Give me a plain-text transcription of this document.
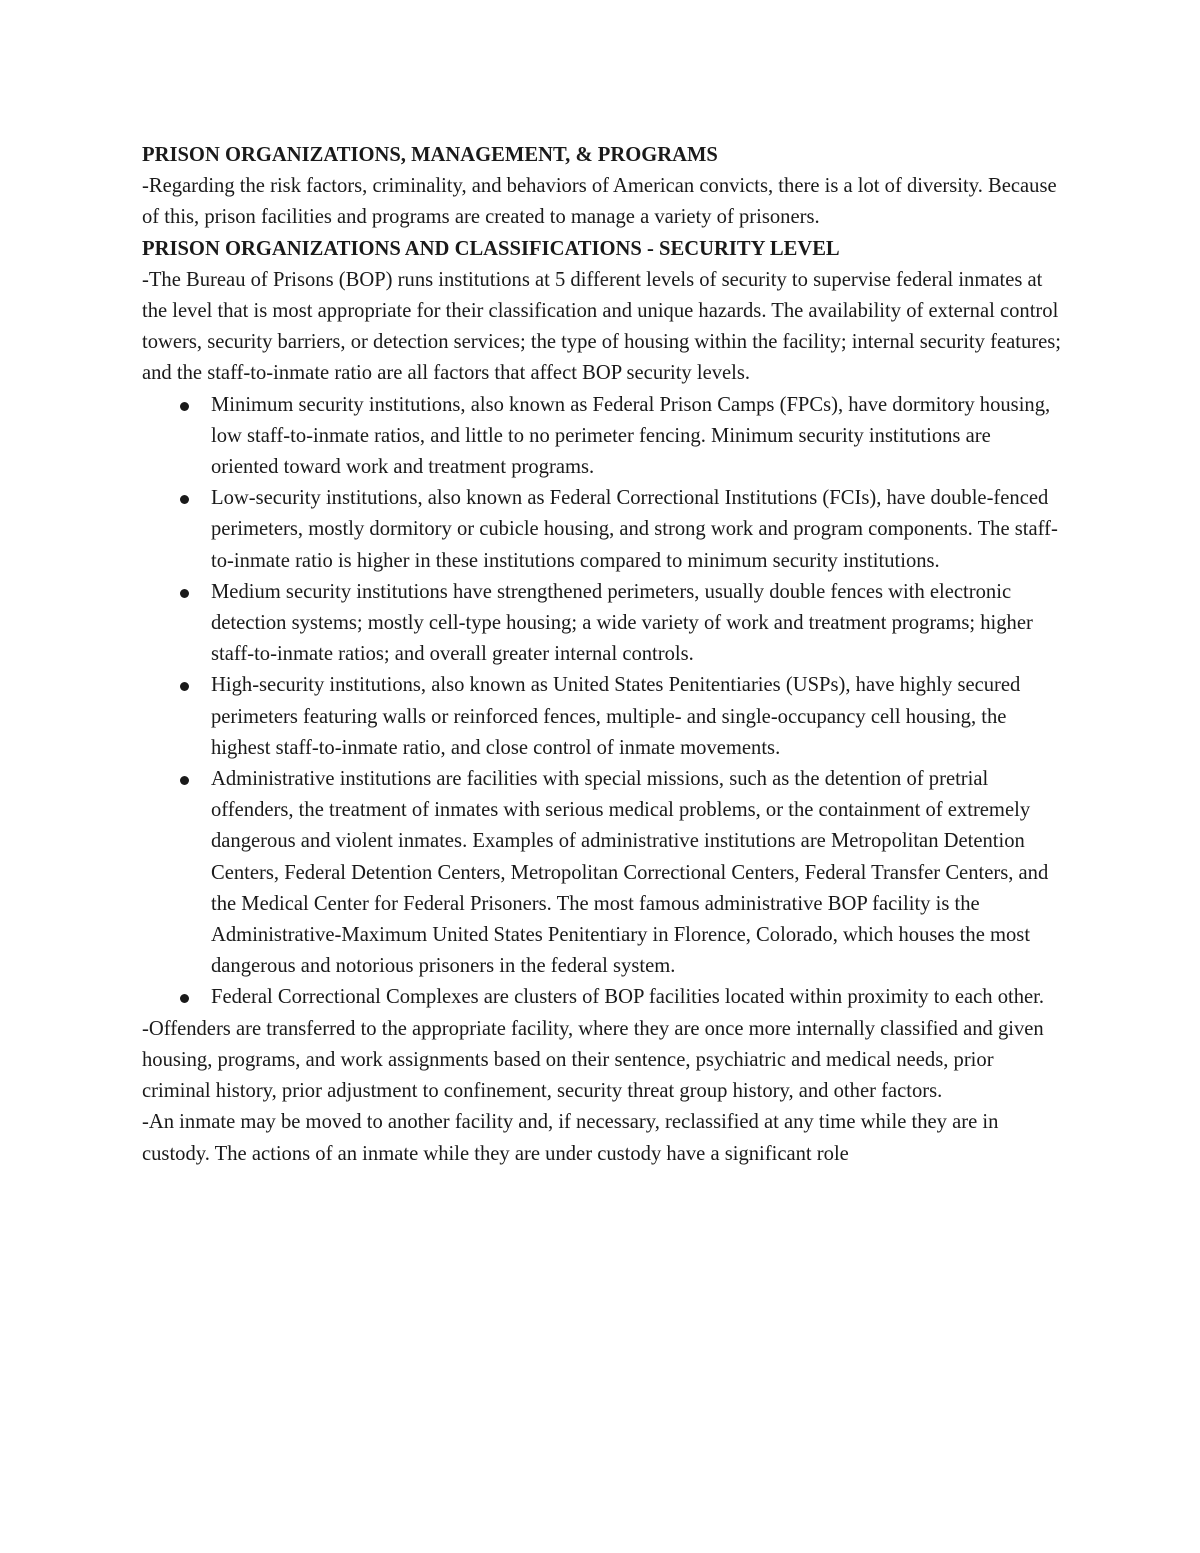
PRISON ORGANIZATIONS, MANAGEMENT, & PROGRAMS

-Regarding the risk factors, criminality, and behaviors of American convicts, there is a lot of diversity. Because of this, prison facilities and programs are created to manage a variety of prisoners.

PRISON ORGANIZATIONS AND CLASSIFICATIONS - SECURITY LEVEL

-The Bureau of Prisons (BOP) runs institutions at 5 different levels of security to supervise federal inmates at the level that is most appropriate for their classification and unique hazards. The availability of external control towers, security barriers, or detection services; the type of housing within the facility; internal security features; and the staff-to-inmate ratio are all factors that affect BOP security levels.

Minimum security institutions, also known as Federal Prison Camps (FPCs), have dormitory housing, low staff-to-inmate ratios, and little to no perimeter fencing. Minimum security institutions are oriented toward work and treatment programs.
Low-security institutions, also known as Federal Correctional Institutions (FCIs), have double-fenced perimeters, mostly dormitory or cubicle housing, and strong work and program components. The staff-to-inmate ratio is higher in these institutions compared to minimum security institutions.
Medium security institutions have strengthened perimeters, usually double fences with electronic detection systems; mostly cell-type housing; a wide variety of work and treatment programs; higher staff-to-inmate ratios; and overall greater internal controls.
High-security institutions, also known as United States Penitentiaries (USPs), have highly secured perimeters featuring walls or reinforced fences, multiple- and single-occupancy cell housing, the highest staff-to-inmate ratio, and close control of inmate movements.
Administrative institutions are facilities with special missions, such as the detention of pretrial offenders, the treatment of inmates with serious medical problems, or the containment of extremely dangerous and violent inmates. Examples of administrative institutions are Metropolitan Detention Centers, Federal Detention Centers, Metropolitan Correctional Centers, Federal Transfer Centers, and the Medical Center for Federal Prisoners. The most famous administrative BOP facility is the Administrative-Maximum United States Penitentiary in Florence, Colorado, which houses the most dangerous and notorious prisoners in the federal system.
Federal Correctional Complexes are clusters of BOP facilities located within proximity to each other.

-Offenders are transferred to the appropriate facility, where they are once more internally classified and given housing, programs, and work assignments based on their sentence, psychiatric and medical needs, prior criminal history, prior adjustment to confinement, security threat group history, and other factors.

-An inmate may be moved to another facility and, if necessary, reclassified at any time while they are in custody. The actions of an inmate while they are under custody have a significant role
